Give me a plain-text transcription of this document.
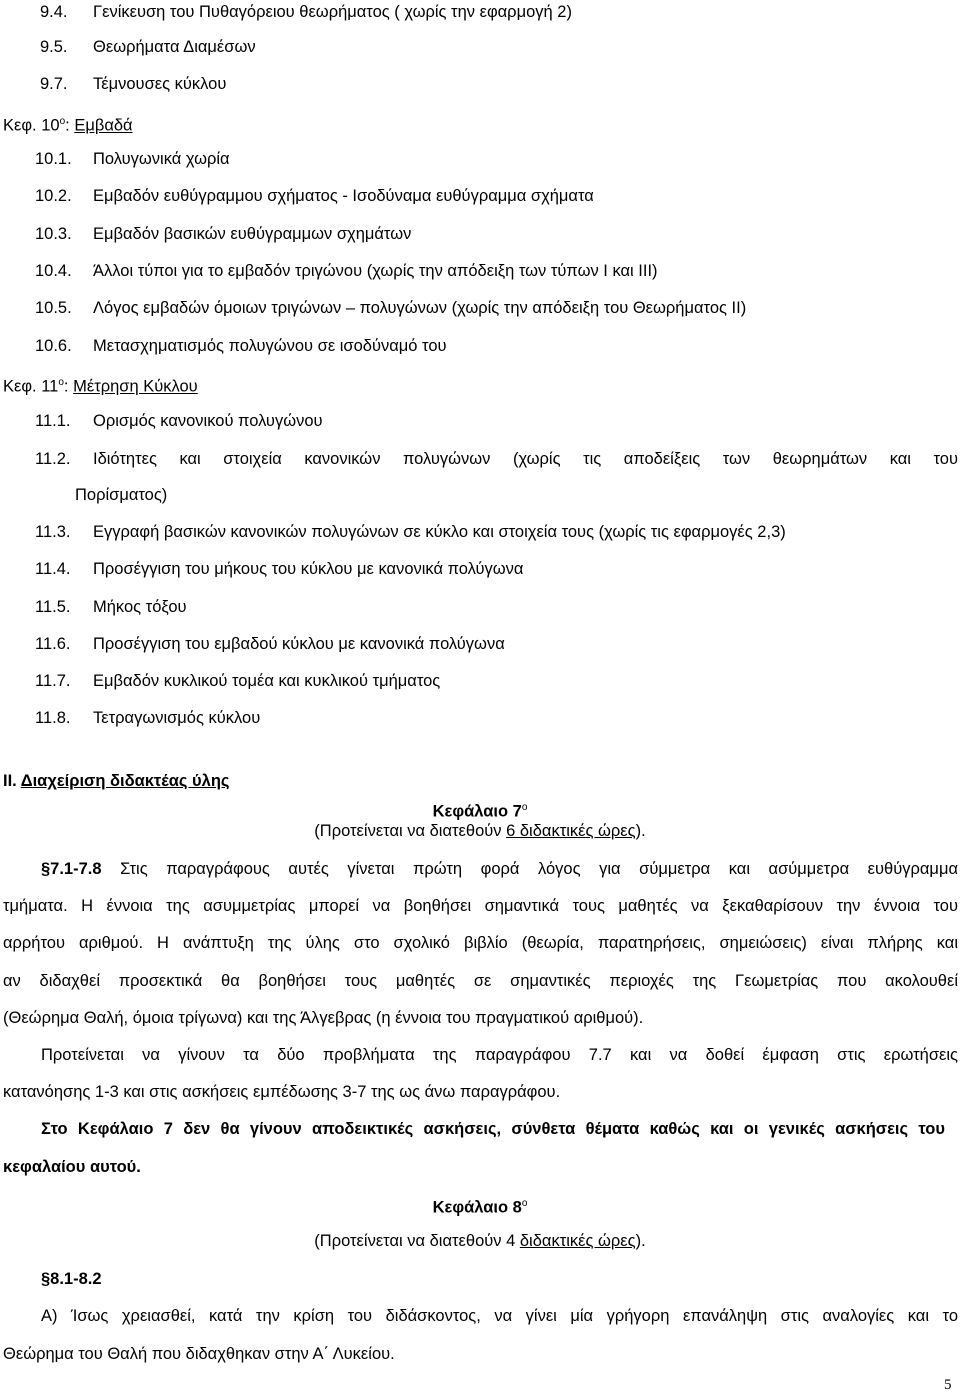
9.4. Γενίκευση του Πυθαγόρειου θεωρήματος ( χωρίς την εφαρμογή 2)
9.5. Θεωρήματα Διαμέσων
9.7. Τέμνουσες κύκλου
Κεφ. $10^o$: Εμβαδά
10.1. Πολυγωνικά χωρία
10.2. Εμβαδόν ευθύγραμμου σχήματος - Ισοδύναμα ευθύγραμμα σχήματα
10.3. Εμβαδόν βασικών ευθύγραμμων σχημάτων
10.4. Άλλοι τύποι για το εμβαδόν τριγώνου (χωρίς την απόδειξη των τύπων I και III)
10.5. Λόγος εμβαδών όμοιων τριγώνων – πολυγώνων (χωρίς την απόδειξη του Θεωρήματος II)
10.6. Μετασχηματισμός πολυγώνου σε ισοδύναμό του
Κεφ. $11^o$: Μέτρηση Κύκλου
11.1. Ορισμός κανονικού πολυγώνου
11.2. Ιδιότητες και στοιχεία κανονικών πολυγώνων (χωρίς τις αποδείξεις των θεωρημάτων και του
Πορίσματος)
11.3. Εγγραφή βασικών κανονικών πολυγώνων σε κύκλο και στοιχεία τους (χωρίς τις εφαρμογές 2,3)
11.4. Προσέγγιση του μήκους του κύκλου με κανονικά πολύγωνα
11.5. Μήκος τόξου
11.6. Προσέγγιση του εμβαδού κύκλου με κανονικά πολύγωνα
11.7. Εμβαδόν κυκλικού τομέα και κυκλικού τμήματος
11.8. Τετραγωνισμός κύκλου
ΙΙ. Διαχείριση διδακτέας ύλης
Κεφάλαιο $7^o$
(Προτείνεται να διατεθούν 6 διδακτικές ώρες).
§7.1-7.8 Στις παραγράφους αυτές γίνεται πρώτη φορά λόγος για σύμμετρα και ασύμμετρα ευθύγραμμα
τμήματα. Η έννοια της ασυμμετρίας μπορεί να βοηθήσει σημαντικά τους μαθητές να ξεκαθαρίσουν την έννοια του
αρρήτου αριθμού. Η ανάπτυξη της ύλης στο σχολικό βιβλίο (θεωρία, παρατηρήσεις, σημειώσεις) είναι πλήρης και
αν διδαχθεί προσεκτικά θα βοηθήσει τους μαθητές σε σημαντικές περιοχές της Γεωμετρίας που ακολουθεί
(Θεώρημα Θαλή, όμοια τρίγωνα) και της Άλγεβρας (η έννοια του πραγματικού αριθμού).
Προτείνεται να γίνουν τα δύο προβλήματα της παραγράφου 7.7 και να δοθεί έμφαση στις ερωτήσεις
κατανόησης 1-3 και στις ασκήσεις εμπέδωσης 3-7 της ως άνω παραγράφου.
Στο Κεφάλαιο 7 δεν θα γίνουν αποδεικτικές ασκήσεις, σύνθετα θέματα καθώς και οι γενικές ασκήσεις του
κεφαλαίου αυτού.
Κεφάλαιο $8^o$
(Προτείνεται να διατεθούν 4 διδακτικές ώρες).
§8.1-8.2
Α) Ίσως χρειασθεί, κατά την κρίση του διδάσκοντος, να γίνει μία γρήγορη επανάληψη στις αναλογίες και το
Θεώρημα του Θαλή που διδαχθηκαν στην Α΄ Λυκείου.
5
